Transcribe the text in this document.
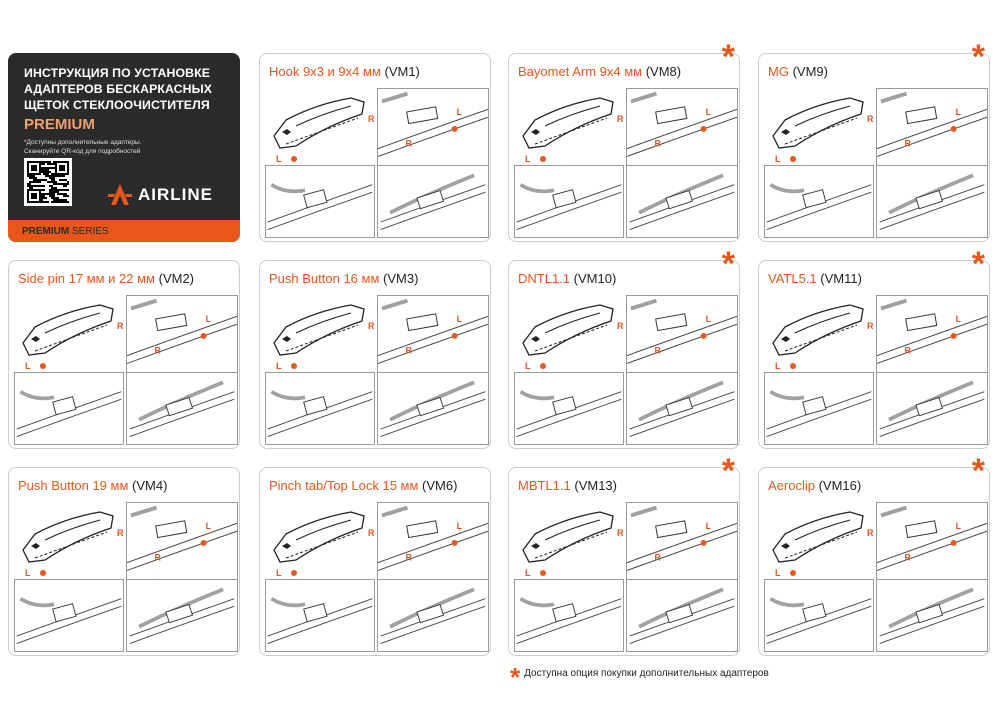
ИНСТРУКЦИЯ ПО УСТАНОВКЕ
АДАПТЕРОВ БЕСКАРКАСНЫХ
ЩЕТОК СТЕКЛООЧИСТИТЕЛЯ
PREMIUM
*Доступны дополнительные адаптеры.
Сканируйте QR-код для подробностей
AIRLINE
PREMIUM SERIES
Hook 9x3 и 9x4 мм (VM1)
R
L
R
L
Bayomet Arm 9x4 мм (VM8) *
R
L
R
L
MG (VM9)	*
R
L
R
L
Side pin 17 мм и 22 мм (VM2)
R
L
R
L
Push Button 16 мм (VM3)
R
L
R
L
DNTL1.1 (VM10)	*
R
L
R
L
VATL5.1 (VM11)	*
R
L
R
L
Push Button 19 мм (VM4)
R
L
R
L
Pinch tab/Top Lock 15 мм (VM6)
R
L
R
L
MBTL1.1 (VM13)	*
R
L
R
L
Aeroclip (VM16)	*
R
L
R
L
* Доступна опция покупки дополнительных адаптеров
